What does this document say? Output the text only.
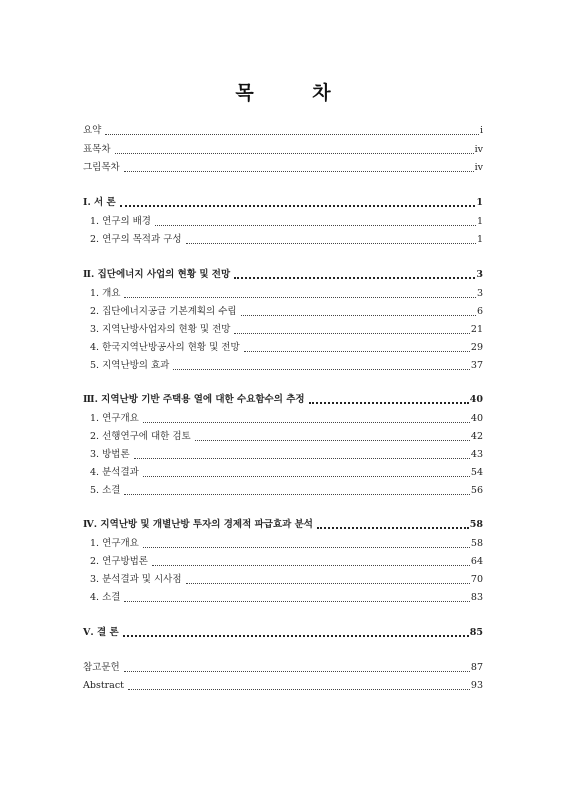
목 차
요약	i
표목차	iv
그림목차	iv
Ⅰ. 서 론	1
1. 연구의 배경	1
2. 연구의 목적과 구성	1
Ⅱ. 집단에너지 사업의 현황 및 전망	3
1. 개요	3
2. 집단에너지공급 기본계획의 수립	6
3. 지역난방사업자의 현황 및 전망	21
4. 한국지역난방공사의 현황 및 전망	29
5. 지역난방의 효과	37
Ⅲ. 지역난방 기반 주택용 열에 대한 수요함수의 추정	40
1. 연구개요	40
2. 선행연구에 대한 검토	42
3. 방법론	43
4. 분석결과	54
5. 소결	56
Ⅳ. 지역난방 및 개별난방 투자의 경제적 파급효과 분석	58
1. 연구개요	58
2. 연구방법론	64
3. 분석결과 및 시사점	70
4. 소결	83
Ⅴ. 결 론	85
참고문헌	87
Abstract	93
